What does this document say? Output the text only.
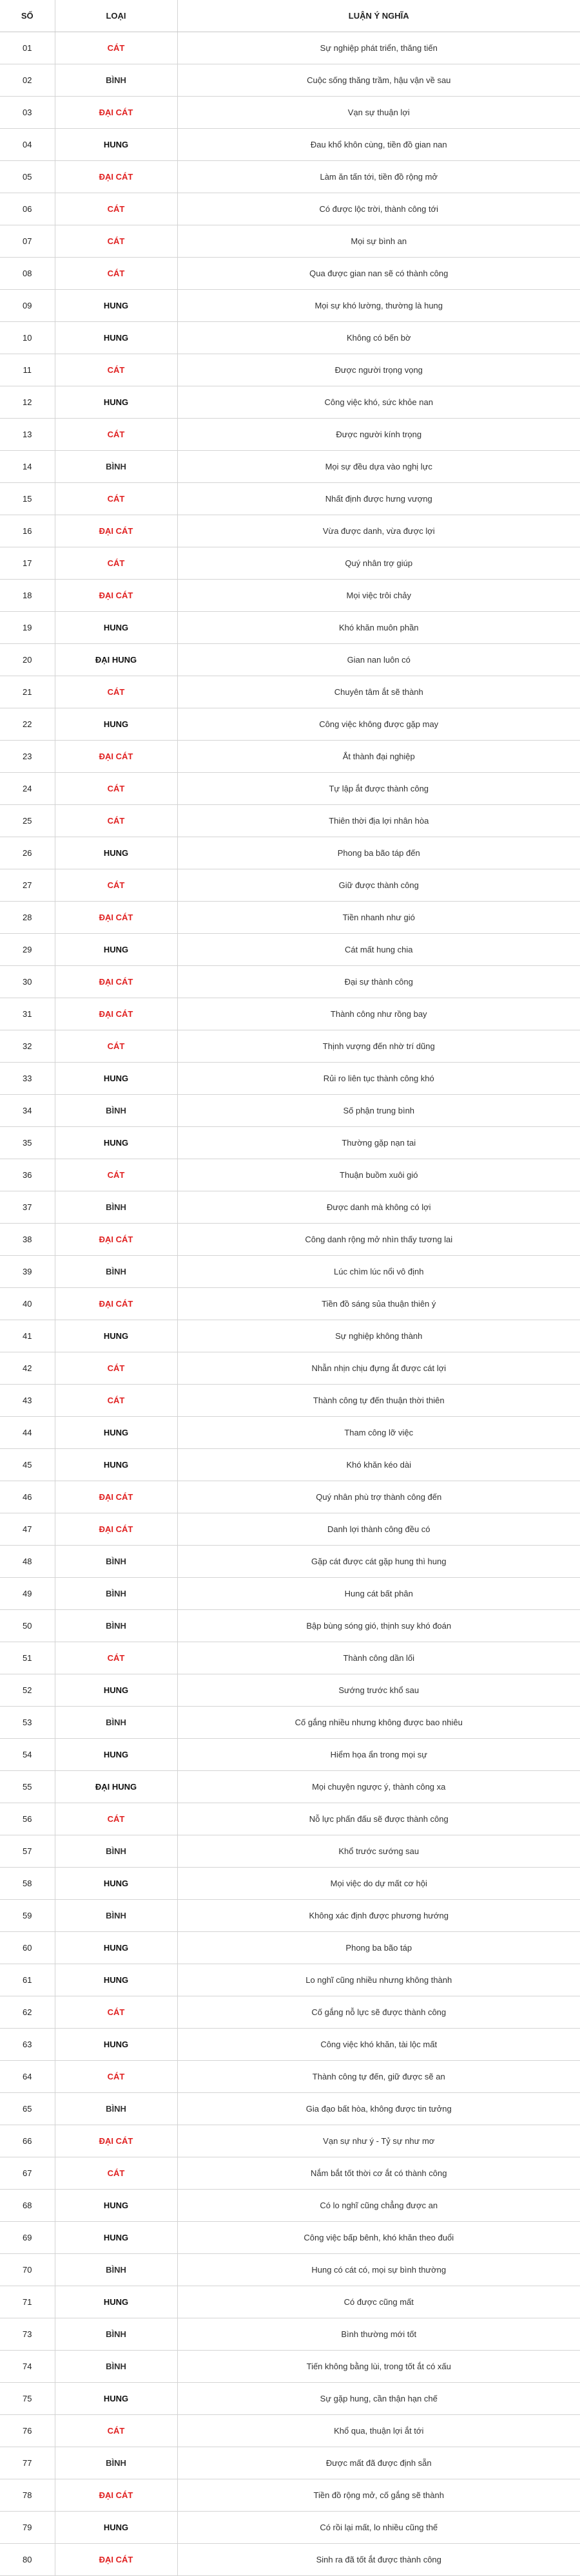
SỐ	LOẠI	LUẬN Ý NGHĨA
01	CÁT	Sự nghiệp phát triển, thăng tiến
02	BÌNH	Cuộc sống thăng trầm, hậu vận về sau
03	ĐẠI CÁT	Vạn sự thuận lợi
04	HUNG	Đau khổ khôn cùng, tiền đồ gian nan
05	ĐẠI CÁT	Làm ăn tấn tới, tiền đồ rộng mở
06	CÁT	Có được lộc trời, thành công tới
07	CÁT	Mọi sự bình an
08	CÁT	Qua được gian nan sẽ có thành công
09	HUNG	Mọi sự khó lường, thường là hung
10	HUNG	Không có bến bờ
11	CÁT	Được người trọng vọng
12	HUNG	Công việc khó, sức khỏe nan
13	CÁT	Được người kính trọng
14	BÌNH	Mọi sự đều dựa vào nghị lực
15	CÁT	Nhất định được hưng vượng
16	ĐẠI CÁT	Vừa được danh, vừa được lợi
17	CÁT	Quý nhân trợ giúp
18	ĐẠI CÁT	Mọi việc trôi chảy
19	HUNG	Khó khăn muôn phần
20	ĐẠI HUNG	Gian nan luôn có
21	CÁT	Chuyên tâm ắt sẽ thành
22	HUNG	Công việc không được gặp may
23	ĐẠI CÁT	Ắt thành đại nghiệp
24	CÁT	Tự lập ắt được thành công
25	CÁT	Thiên thời địa lợi nhân hòa
26	HUNG	Phong ba bão táp đến
27	CÁT	Giữ được thành công
28	ĐẠI CÁT	Tiền nhanh như gió
29	HUNG	Cát mất hung chia
30	ĐẠI CÁT	Đại sự thành công
31	ĐẠI CÁT	Thành công như rồng bay
32	CÁT	Thịnh vượng đến nhờ trí dũng
33	HUNG	Rủi ro liên tục thành công khó
34	BÌNH	Số phận trung bình
35	HUNG	Thường gặp nạn tai
36	CÁT	Thuận buồm xuôi gió
37	BÌNH	Được danh mà không có lợi
38	ĐẠI CÁT	Công danh rộng mở nhìn thấy tương lai
39	BÌNH	Lúc chìm lúc nổi vô định
40	ĐẠI CÁT	Tiền đồ sáng sủa thuận thiên ý
41	HUNG	Sự nghiệp không thành
42	CÁT	Nhẫn nhịn chịu đựng ắt được cát lợi
43	CÁT	Thành công tự đến thuận thời thiên
44	HUNG	Tham công lỡ việc
45	HUNG	Khó khăn kéo dài
46	ĐẠI CÁT	Quý nhân phù trợ thành công đến
47	ĐẠI CÁT	Danh lợi thành công đều có
48	BÌNH	Gặp cát được cát gặp hung thì hung
49	BÌNH	Hung cát bất phân
50	BÌNH	Bập bùng sóng gió, thịnh suy khó đoán
51	CÁT	Thành công dần lối
52	HUNG	Sướng trước khổ sau
53	BÌNH	Cố gắng nhiều nhưng không được bao nhiêu
54	HUNG	Hiểm họa ẩn trong mọi sự
55	ĐẠI HUNG	Mọi chuyện ngược ý, thành công xa
56	CÁT	Nỗ lực phấn đấu sẽ được thành công
57	BÌNH	Khổ trước sướng sau
58	HUNG	Mọi việc do dự mất cơ hội
59	BÌNH	Không xác định được phương hướng
60	HUNG	Phong ba bão táp
61	HUNG	Lo nghĩ cũng nhiều nhưng không thành
62	CÁT	Cố gắng nỗ lực sẽ được thành công
63	HUNG	Công việc khó khăn, tài lộc mất
64	CÁT	Thành công tự đến, giữ được sẽ an
65	BÌNH	Gia đạo bất hòa, không được tin tưởng
66	ĐẠI CÁT	Vạn sự như ý - Tỷ sự như mơ
67	CÁT	Nắm bắt tốt thời cơ ắt có thành công
68	HUNG	Có lo nghĩ cũng chẳng được an
69	HUNG	Công việc bấp bênh, khó khăn theo đuổi
70	BÌNH	Hung có cát có, mọi sự bình thường
71	HUNG	Có được cũng mất
73	BÌNH	Bình thường mới tốt
74	BÌNH	Tiến không bằng lùi, trong tốt ắt có xấu
75	HUNG	Sự gặp hung, cần thận hạn chế
76	CÁT	Khổ qua, thuận lợi ắt tới
77	BÌNH	Được mất đã được định sẵn
78	ĐẠI CÁT	Tiền đồ rộng mở, cố gắng sẽ thành
79	HUNG	Có rồi lại mất, lo nhiều cũng thế
80	ĐẠI CÁT	Sinh ra đã tốt ắt được thành công
